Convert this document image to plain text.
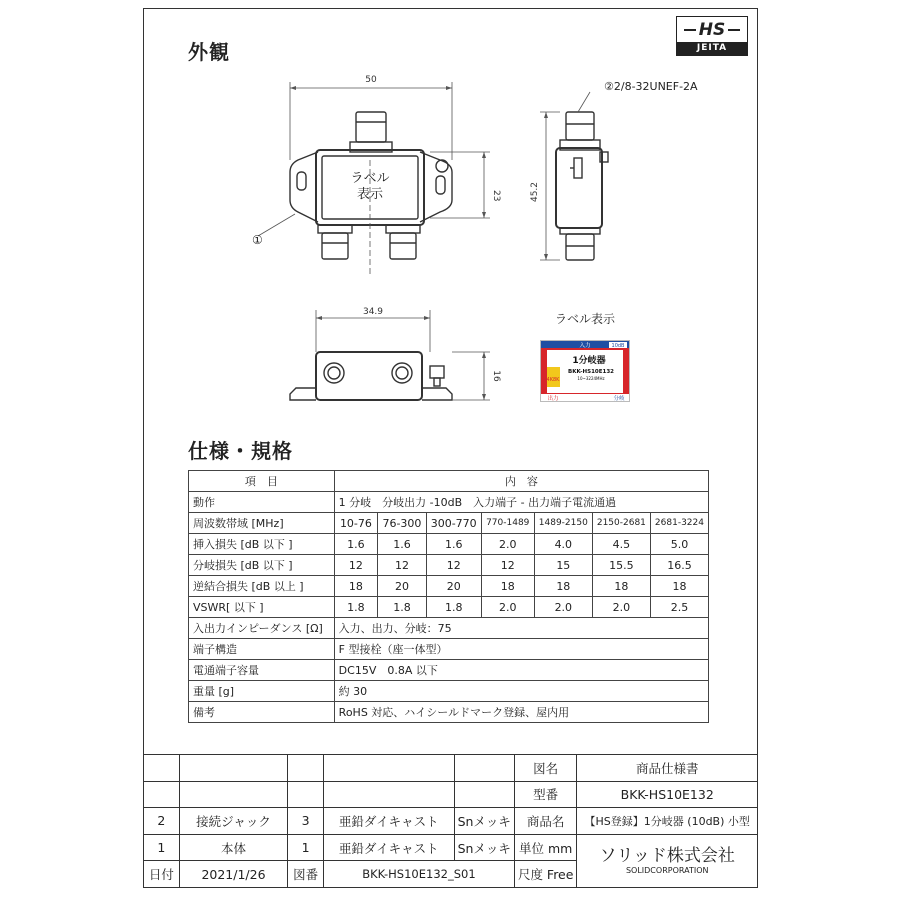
外観
仕様・規格
HS
JEITA
50
23	45.2
34.9
16
②2/8-32UNEF-2A
①
ラベル
表示
ラベル表示
入力	10dB
4K8K
1分岐器
BKK-HS10E132
10~3224MHz
出力	分岐
項　目	内　容						
動作	1 分岐　分岐出力 -10dB　入力端子 - 出力端子電流通過						
周波数帯域 [MHz]	10-76	76-300	300-770	770-1489	1489-2150	2150-2681	2681-3224
挿入損失 [dB 以下 ]	1.6	1.6	1.6	2.0	4.0	4.5	5.0
分岐損失 [dB 以下 ]	12	12	12	12	15	15.5	16.5
逆結合損失 [dB 以上 ]	18	20	20	18	18	18	18
VSWR[ 以下 ]	1.8	1.8	1.8	2.0	2.0	2.0	2.5
入出力インピーダンス [Ω]	入力、出力、分岐：75						
端子構造	F 型接栓（座一体型）						
電通端子容量	DC15V　0.8A 以下						
重量 [g]	約 30						
備考	RoHS 対応、ハイシールドマーク登録、屋内用						
					図名	商品仕様書
					型番	BKK-HS10E132
2	接続ジャック	3	亜鉛ダイキャスト	Snメッキ	商品名	【HS登録】1分岐器 (10dB) 小型
1	本体	1	亜鉛ダイキャスト	Snメッキ	単位 mm	ソリッド株式会社
SOLIDCORPORATION

日付	2021/1/26	図番	BKK-HS10E132_S01		尺度 Free	
